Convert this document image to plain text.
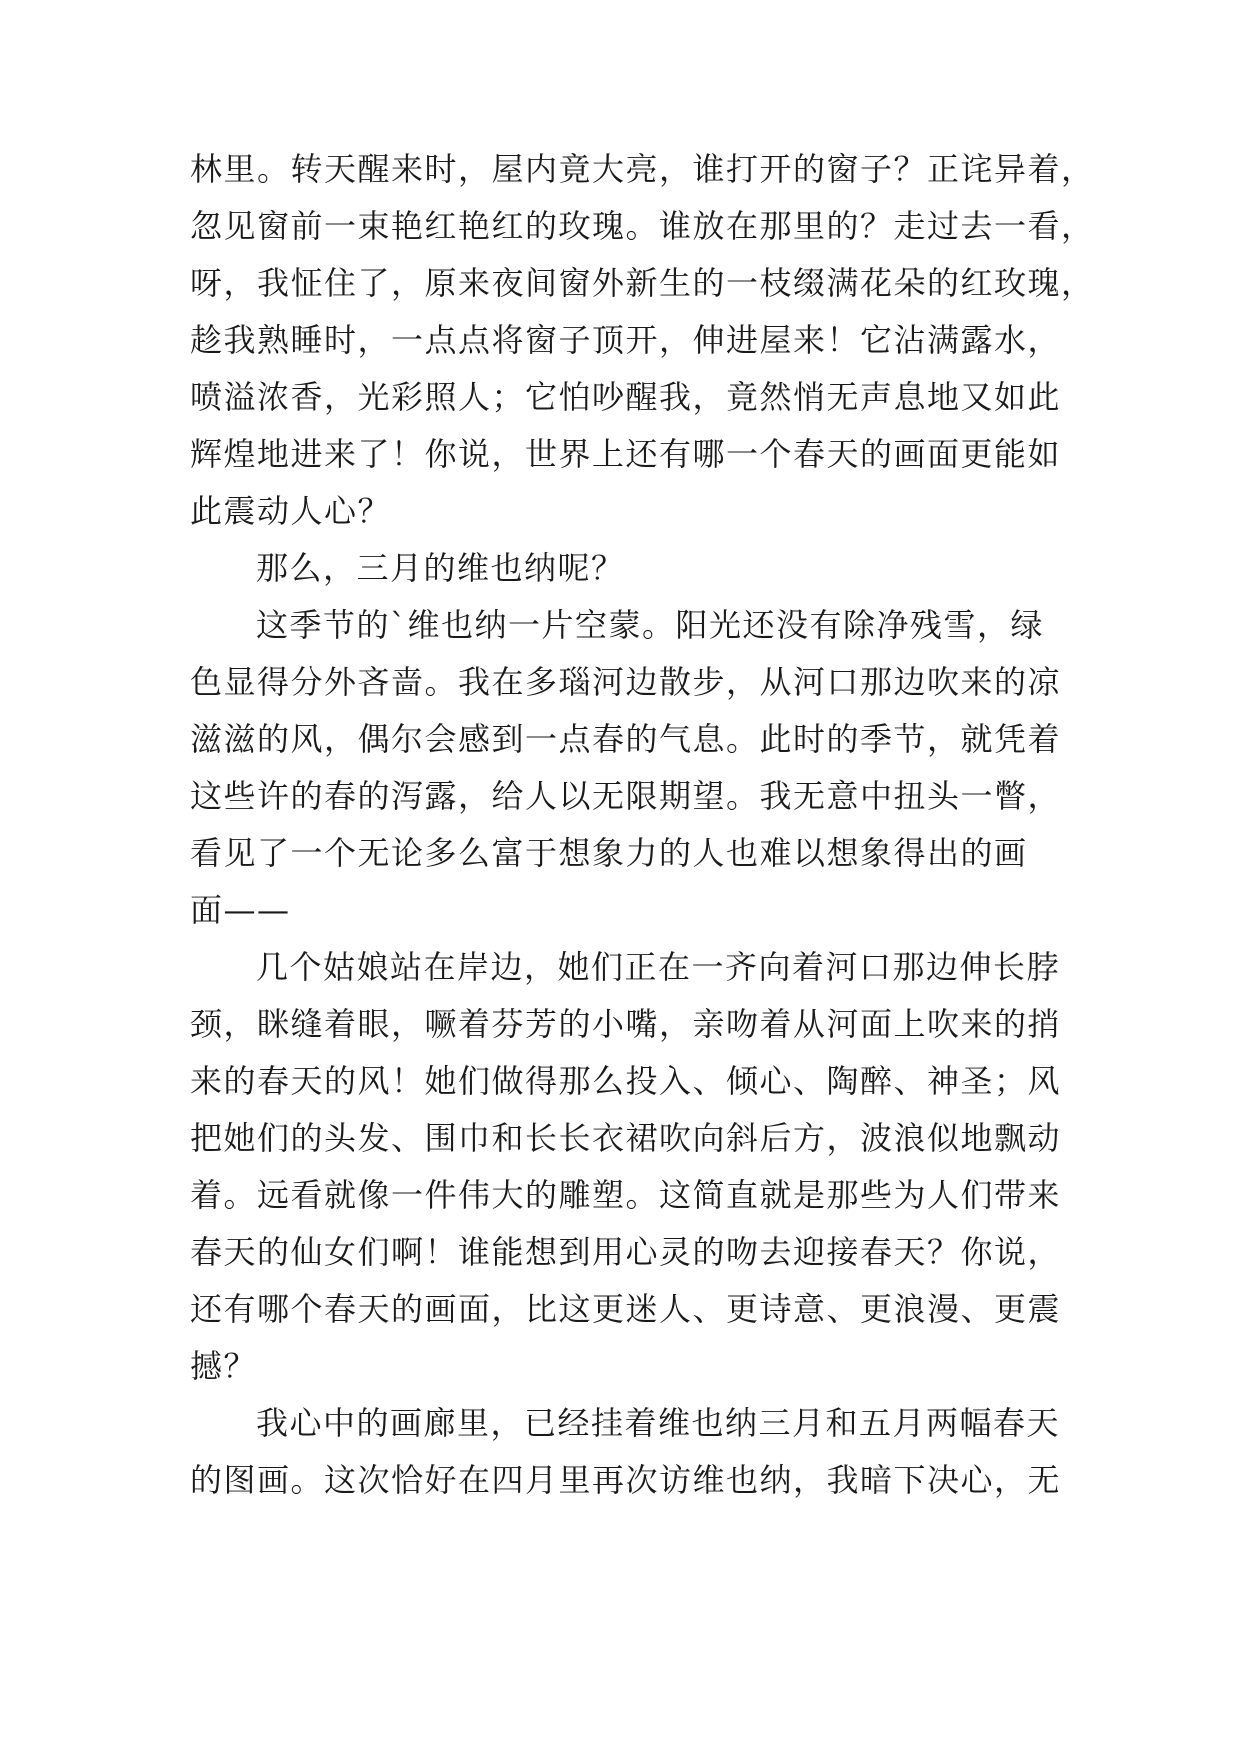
林里。转天醒来时，屋内竟大亮，谁打开的窗子？正诧异着，
忽见窗前一束艳红艳红的玫瑰。谁放在那里的？走过去一看，
呀，我怔住了，原来夜间窗外新生的一枝缀满花朵的红玫瑰，
趁我熟睡时，一点点将窗子顶开，伸进屋来！它沾满露水，
喷溢浓香，光彩照人；它怕吵醒我，竟然悄无声息地又如此
辉煌地进来了！你说，世界上还有哪一个春天的画面更能如
此震动人心？
那么，三月的维也纳呢？
这季节的`维也纳一片空蒙。阳光还没有除净残雪，绿
色显得分外吝啬。我在多瑙河边散步，从河口那边吹来的凉
滋滋的风，偶尔会感到一点春的气息。此时的季节，就凭着
这些许的春的泻露，给人以无限期望。我无意中扭头一瞥，
看见了一个无论多么富于想象力的人也难以想象得出的画
面——
几个姑娘站在岸边，她们正在一齐向着河口那边伸长脖
颈，眯缝着眼，噘着芬芳的小嘴，亲吻着从河面上吹来的捎
来的春天的风！她们做得那么投入、倾心、陶醉、神圣；风
把她们的头发、围巾和长长衣裙吹向斜后方，波浪似地飘动
着。远看就像一件伟大的雕塑。这简直就是那些为人们带来
春天的仙女们啊！谁能想到用心灵的吻去迎接春天？你说，
还有哪个春天的画面，比这更迷人、更诗意、更浪漫、更震
撼？
我心中的画廊里，已经挂着维也纳三月和五月两幅春天
的图画。这次恰好在四月里再次访维也纳，我暗下决心，无
